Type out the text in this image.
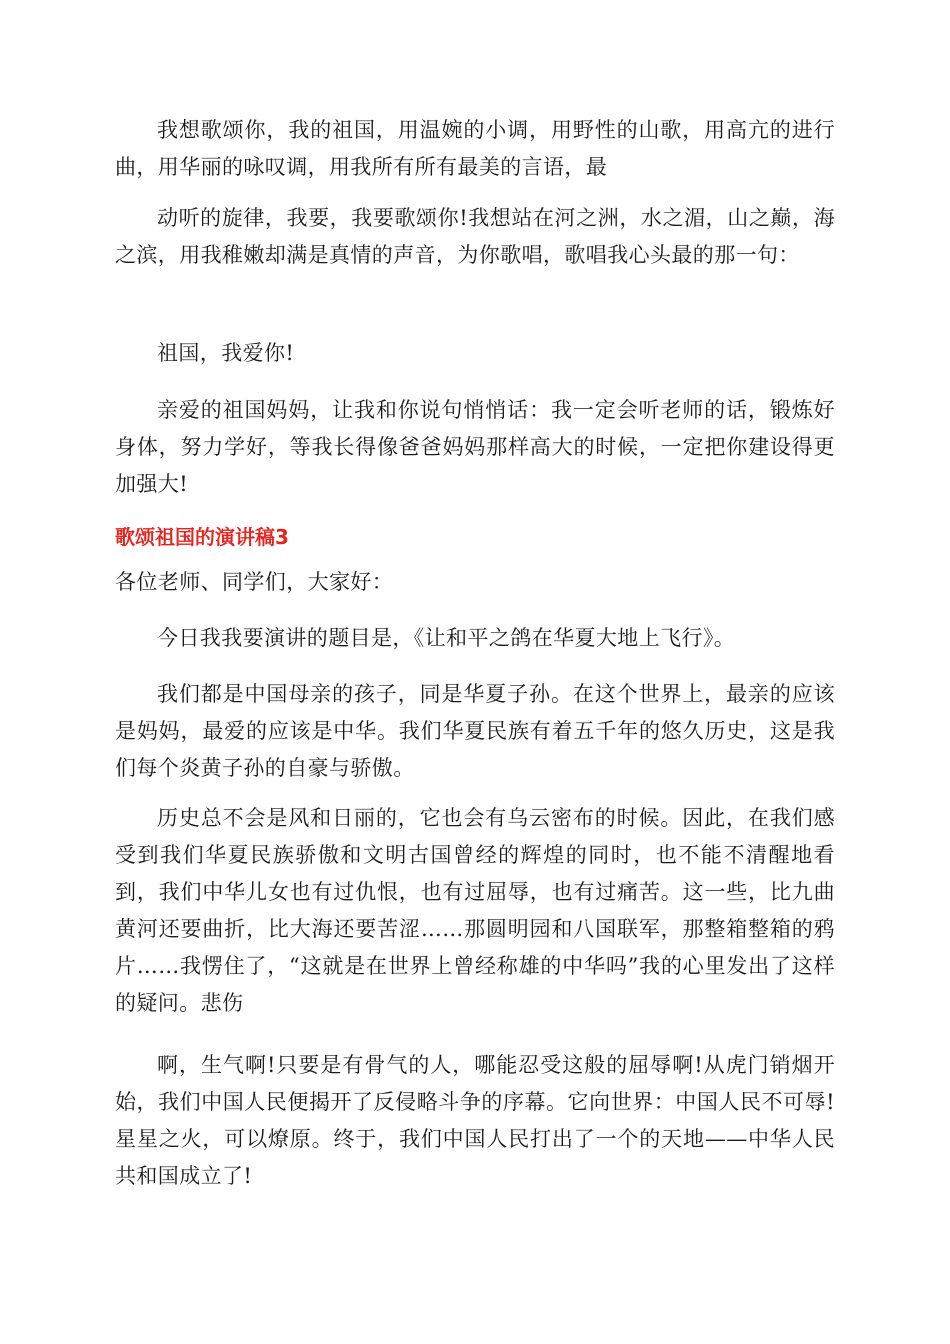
我想歌颂你，我的祖国，用温婉的小调，用野性的山歌，用高亢的进行曲，用华丽的咏叹调，用我所有所有最美的言语，最

动听的旋律，我要，我要歌颂你!我想站在河之洲，水之湄，山之巅，海之滨，用我稚嫩却满是真情的声音，为你歌唱，歌唱我心头最的那一句：

祖国，我爱你!

亲爱的祖国妈妈，让我和你说句悄悄话：我一定会听老师的话，锻炼好身体，努力学好，等我长得像爸爸妈妈那样高大的时候，一定把你建设得更加强大!

歌颂祖国的演讲稿3

各位老师、同学们，大家好：

今日我我要演讲的题目是，《让和平之鸽在华夏大地上飞行》。

我们都是中国母亲的孩子，同是华夏子孙。在这个世界上，最亲的应该是妈妈，最爱的应该是中华。我们华夏民族有着五千年的悠久历史，这是我们每个炎黄子孙的自豪与骄傲。

历史总不会是风和日丽的，它也会有乌云密布的时候。因此，在我们感受到我们华夏民族骄傲和文明古国曾经的辉煌的同时，也不能不清醒地看到，我们中华儿女也有过仇恨，也有过屈辱，也有过痛苦。这一些，比九曲黄河还要曲折，比大海还要苦涩……那圆明园和八国联军，那整箱整箱的鸦片……我愣住了，“这就是在世界上曾经称雄的中华吗”我的心里发出了这样的疑问。悲伤

啊，生气啊!只要是有骨气的人，哪能忍受这般的屈辱啊!从虎门销烟开始，我们中国人民便揭开了反侵略斗争的序幕。它向世界：中国人民不可辱!星星之火，可以燎原。终于，我们中国人民打出了一个的天地——中华人民共和国成立了!
